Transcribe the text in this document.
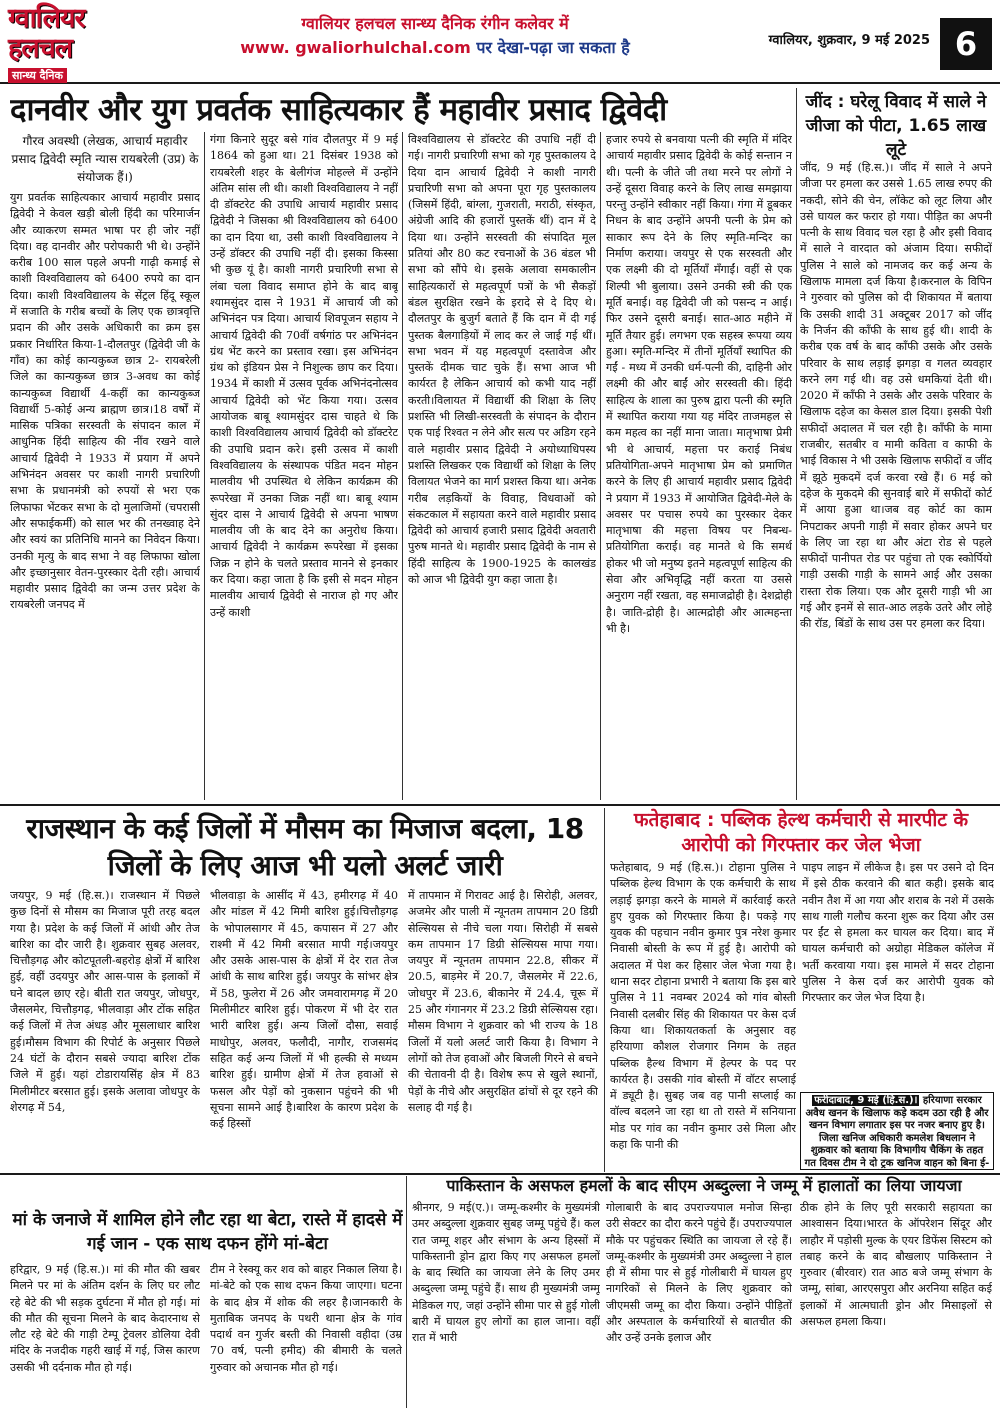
ग्वालियर
हलचल
सान्ध्य दैनिक
ग्वालियर हलचल सान्ध्य दैनिक रंगीन कलेवर में
www. gwaliorhulchal.com पर देखा-पढ़ा जा सकता है	ग्वालियर, शुक्रवार, 9 मई 2025 6
दानवीर और युग प्रवर्तक साहित्यकार हैं महावीर प्रसाद द्विवेदी
गौरव अवस्थी (लेखक, आचार्य महावीर प्रसाद द्विवेदी स्मृति न्यास रायबरेली (उप्र) के संयोजक हैं।)

युग प्रवर्तक साहित्यकार आचार्य महावीर प्रसाद द्विवेदी ने केवल खड़ी बोली हिंदी का परिमार्जन और व्याकरण सम्मत भाषा पर ही जोर नहीं दिया। वह दानवीर और परोपकारी भी थे। उन्होंने करीब 100 साल पहले अपनी गाढ़ी कमाई से काशी विश्वविद्यालय को 6400 रुपये का दान दिया। काशी विश्वविद्यालय के सेंट्रल हिंदू स्कूल में सजाति के गरीब बच्चों के लिए एक छात्रवृत्ति प्रदान की और उसके अधिकारी का क्रम इस प्रकार निर्धारित किया-1-दौलतपुर (द्विवेदी जी के गाँव) का कोई कान्यकुब्ज छात्र 2- रायबरेली जिले का कान्यकुब्ज छात्र 3-अवध का कोई कान्यकुब्ज विद्यार्थी 4-कहीं का कान्यकुब्ज विद्यार्थी 5-कोई अन्य ब्राह्मण छात्र।18 वर्षों में मासिक पत्रिका सरस्वती के संपादन काल में आधुनिक हिंदी साहित्य की नींव रखने वाले आचार्य द्विवेदी ने 1933 में प्रयाग में अपने अभिनंदन अवसर पर काशी नागरी प्रचारिणी सभा के प्रधानमंत्री को रुपयों से भरा एक लिफाफा भेंटकर सभा के दो मुलाजिमों (चपरासी और सफाईकर्मी) को साल भर की तनख्वाह देने और स्वयं का प्रतिनिधि मानने का निवेदन किया। उनकी मृत्यु के बाद सभा ने वह लिफाफा खोला और इच्छानुसार वेतन-पुरस्कार देती रही। आचार्य महावीर प्रसाद द्विवेदी का जन्म उत्तर प्रदेश के रायबरेली जनपद में

गंगा किनारे सुदूर बसे गांव दौलतपुर में 9 मई 1864 को हुआ था। 21 दिसंबर 1938 को रायबरेली शहर के बेलीगंज मोहल्ले में उन्होंने अंतिम सांस ली थी। काशी विश्वविद्यालय ने नहीं दी डॉक्टरेट की उपाधि आचार्य महावीर प्रसाद द्विवेदी ने जिसका श्री विश्वविद्यालय को 6400 का दान दिया था, उसी काशी विश्वविद्यालय ने उन्हें डॉक्टर की उपाधि नहीं दी। इसका किस्सा भी कुछ यूं है। काशी नागरी प्रचारिणी सभा से लंबा चला विवाद समाप्त होने के बाद बाबू श्यामसुंदर दास ने 1931 में आचार्य जी को अभिनंदन पत्र दिया। आचार्य शिवपूजन सहाय ने आचार्य द्विवेदी की 70वीं वर्षगांठ पर अभिनंदन ग्रंथ भेंट करने का प्रस्ताव रखा। इस अभिनंदन ग्रंथ को इंडियन प्रेस ने निशुल्क छाप कर दिया। 1934 में काशी में उत्सव पूर्वक अभिनंदनोत्सव आचार्य द्विवेदी को भेंट किया गया। उत्सव आयोजक बाबू श्यामसुंदर दास चाहते थे कि काशी विश्वविद्यालय आचार्य द्विवेदी को डॉक्टरेट की उपाधि प्रदान करे। इसी उत्सव में काशी विश्वविद्यालय के संस्थापक पंडित मदन मोहन मालवीय भी उपस्थित थे लेकिन कार्यक्रम की रूपरेखा में उनका जिक्र नहीं था। बाबू श्याम सुंदर दास ने आचार्य द्विवेदी से अपना भाषण मालवीय जी के बाद देने का अनुरोध किया। आचार्य द्विवेदी ने कार्यक्रम रूपरेखा में इसका जिक्र न होने के चलते प्रस्ताव मानने से इनकार कर दिया। कहा जाता है कि इसी से मदन मोहन मालवीय आचार्य द्विवेदी से नाराज हो गए और उन्हें काशी

विश्वविद्यालय से डॉक्टरेट की उपाधि नहीं दी गई। नागरी प्रचारिणी सभा को गृह पुस्तकालय दे दिया दान आचार्य द्विवेदी ने काशी नागरी प्रचारिणी सभा को अपना पूरा गृह पुस्तकालय (जिसमें हिंदी, बांग्ला, गुजराती, मराठी, संस्कृत, अंग्रेजी आदि की हजारों पुस्तकें थीं) दान में दे दिया था। उन्होंने सरस्वती की संपादित मूल प्रतियां और 80 कट रचनाओं के 36 बंडल भी सभा को सौंपे थे। इसके अलावा समकालीन साहित्यकारों से महत्वपूर्ण पत्रों के भी सैकड़ों बंडल सुरक्षित रखने के इरादे से दे दिए थे। दौलतपुर के बुजुर्ग बताते हैं कि दान में दी गई पुस्तक बैलगाड़ियों में लाद कर ले जाई गई थीं। सभा भवन में यह महत्वपूर्ण दस्तावेज और पुस्तकें दीमक चाट चुके हैं। सभा आज भी कार्यरत है लेकिन आचार्य को कभी याद नहीं करती।विलायत में विद्यार्थी की शिक्षा के लिए प्रशस्ति भी लिखी-सरस्वती के संपादन के दौरान एक पाई रिश्वत न लेने और सत्य पर अडिग रहने वाले महावीर प्रसाद द्विवेदी ने अयोध्याधिपस्य प्रशस्ति लिखकर एक विद्यार्थी को शिक्षा के लिए विलायत भेजने का मार्ग प्रशस्त किया था। अनेक गरीब लड़कियों के विवाह, विधवाओं को संकटकाल में सहायता करने वाले महावीर प्रसाद द्विवेदी को आचार्य हजारी प्रसाद द्विवेदी अवतारी पुरुष मानते थे। महावीर प्रसाद द्विवेदी के नाम से हिंदी साहित्य के 1900-1925 के कालखंड को आज भी द्विवेदी युग कहा जाता है।

हजार रुपये से बनवाया पत्नी की स्मृति में मंदिर आचार्य महावीर प्रसाद द्विवेदी के कोई सन्तान न थी। पत्नी के जीते जी तथा मरने पर लोगों ने उन्हें दूसरा विवाह करने के लिए लाख समझाया परन्तु उन्होंने स्वीकार नहीं किया। गंगा में डूबकर निधन के बाद उन्होंने अपनी पत्नी के प्रेम को साकार रूप देने के लिए स्मृति-मन्दिर का निर्माण कराया। जयपुर से एक सरस्वती और एक लक्ष्मी की दो मूर्तियाँ मँगाईं। वहीं से एक शिल्पी भी बुलाया। उसने उनकी स्त्री की एक मूर्ति बनाई। वह द्विवेदी जी को पसन्द न आई। फिर उसने दूसरी बनाई। सात-आठ महीने में मूर्ति तैयार हुई। लगभग एक सहस्त्र रूपया व्यय हुआ। स्मृति-मन्दिर में तीनों मूर्तियाँ स्थापित की गईं - मध्य में उनकी धर्म-पत्नी की, दाहिनी ओर लक्ष्मी की और बाईं ओर सरस्वती की। हिंदी साहित्य के शाला का पुरुष द्वारा पत्नी की स्मृति में स्थापित कराया गया यह मंदिर ताजमहल से कम महत्व का नहीं माना जाता। मातृभाषा प्रेमी भी थे आचार्य, महत्ता पर कराई निबंध प्रतियोगिता-अपने मातृभाषा प्रेम को प्रमाणित करने के लिए ही आचार्य महावीर प्रसाद द्विवेदी ने प्रयाग में 1933 में आयोजित द्विवेदी-मेले के अवसर पर पचास रुपये का पुरस्कार देकर मातृभाषा की महत्ता विषय पर निबन्ध-प्रतियोगिता कराई। वह मानते थे कि समर्थ होकर भी जो मनुष्य इतने महत्वपूर्ण साहित्य की सेवा और अभिवृद्धि नहीं करता या उससे अनुराग नहीं रखता, वह समाजद्रोही है। देशद्रोही है। जाति-द्रोही है। आत्मद्रोही और आत्महन्ता भी है।

जींद : घरेलू विवाद में साले ने जीजा को पीटा, 1.65 लाख लूटे

जींद, 9 मई (हि.स.)। जींद में साले ने अपने जीजा पर हमला कर उससे 1.65 लाख रुपए की नकदी, सोने की चेन, लॉकेट को लूट लिया और उसे घायल कर फरार हो गया। पीड़ित का अपनी पत्नी के साथ विवाद चल रहा है और इसी विवाद में साले ने वारदात को अंजाम दिया। सफीदों पुलिस ने साले को नामजद कर कई अन्य के खिलाफ मामला दर्ज किया है।करनाल के विपिन ने गुरुवार को पुलिस को दी शिकायत में बताया कि उसकी शादी 31 अक्टूबर 2017 को जींद के निर्जन की काँफी के साथ हुई थी। शादी के करीब एक वर्ष के बाद काँफी उसके और उसके परिवार के साथ लड़ाई झगड़ा व गलत व्यवहार करने लग गई थी। वह उसे धमकियां देती थी। 2020 में काँफी ने उसके और उसके परिवार के खिलाफ दहेज का केसल डाल दिया। इसकी पेशी सफीदों अदालत में चल रही है। काँफी के मामा राजबीर, सतबीर व मामी कविता व काफी के भाई विकास ने भी उसके खिलाफ सफीदों व जींद में झूठे मुकदमें दर्ज करवा रखे हैं। 6 मई को दहेज के मुकदमे की सुनवाई बारे में सफीदों कोर्ट में आया हुआ था।जब वह कोर्ट का काम निपटाकर अपनी गाड़ी में सवार होकर अपने घर के लिए जा रहा था और अंटा रोड से पहले सफीदों पानीपत रोड पर पहुंचा तो एक स्कोर्पियो गाड़ी उसकी गाड़ी के सामने आई और उसका रास्ता रोक लिया। एक और दूसरी गाड़ी भी आ गई और इनमें से सात-आठ लड़के उतरे और लोहे की रॉड, बिंडों के साथ उस पर हमला कर दिया।

राजस्थान के कई जिलों में मौसम का मिजाज बदला, 18 जिलों के लिए आज भी यलो अलर्ट जारी

जयपुर, 9 मई (हि.स.)। राजस्थान में पिछले कुछ दिनों से मौसम का मिजाज पूरी तरह बदल गया है। प्रदेश के कई जिलों में आंधी और तेज बारिश का दौर जारी है। शुक्रवार सुबह अलवर, चित्तौड़गढ़ और कोटपूतली-बहरोड़ क्षेत्रों में बारिश हुई, वहीं उदयपुर और आस-पास के इलाकों में घने बादल छाए रहे। बीती रात जयपुर, जोधपुर, जैसलमेर, चित्तौड़गढ़, भीलवाड़ा और टोंक सहित कई जिलों में तेज अंधड़ और मूसलाधार बारिश हुई।मौसम विभाग की रिपोर्ट के अनुसार पिछले 24 घंटों के दौरान सबसे ज्यादा बारिश टोंक जिले में हुई। यहां टोडारायसिंह क्षेत्र में 83 मिलीमीटर बरसात हुई। इसके अलावा जोधपुर के शेरगढ़ में 54,

भीलवाड़ा के आसींद में 43, हमीरगढ़ में 40 और मांडल में 42 मिमी बारिश हुई।चित्तौड़गढ़ के भोपालसागर में 45, कपासन में 27 और राश्मी में 42 मिमी बरसात मापी गई।जयपुर और उसके आस-पास के क्षेत्रों में देर रात तेज आंधी के साथ बारिश हुई। जयपुर के सांभर क्षेत्र में 58, फुलेरा में 26 और जमवारामगढ़ में 20 मिलीमीटर बारिश हुई। पोकरण में भी देर रात भारी बारिश हुई। अन्य जिलों दौसा, सवाई माधोपुर, अलवर, फलौदी, नागौर, राजसमंद सहित कई अन्य जिलों में भी हल्की से मध्यम बारिश हुई। ग्रामीण क्षेत्रों में तेज हवाओं से फसल और पेड़ों को नुकसान पहुंचने की भी सूचना सामने आई है।बारिश के कारण प्रदेश के कई हिस्सों

में तापमान में गिरावट आई है। सिरोही, अलवर, अजमेर और पाली में न्यूनतम तापमान 20 डिग्री सेल्सियस से नीचे चला गया। सिरोही में सबसे कम तापमान 17 डिग्री सेल्सियस मापा गया।जयपुर में न्यूनतम तापमान 22.8, सीकर में 20.5, बाड़मेर में 20.7, जैसलमेर में 22.6, जोधपुर में 23.6, बीकानेर में 24.4, चूरू में 25 और गंगानगर में 23.2 डिग्री सेल्सियस रहा।मौसम विभाग ने शुक्रवार को भी राज्य के 18 जिलों में यलो अलर्ट जारी किया है। विभाग ने लोगों को तेज हवाओं और बिजली गिरने से बचने की चेतावनी दी है। विशेष रूप से खुले स्थानों, पेड़ों के नीचे और असुरक्षित ढांचों से दूर रहने की सलाह दी गई है।

फतेहाबाद : पब्लिक हेल्थ कर्मचारी से मारपीट के आरोपी को गिरफ्तार कर जेल भेजा

फतेहाबाद, 9 मई (हि.स.)। टोहाना पुलिस ने पब्लिक हेल्थ विभाग के एक कर्मचारी के साथ लड़ाई झगड़ा करने के मामले में कार्रवाई करते हुए युवक को गिरफ्तार किया है। पकड़े गए युवक की पहचान नवीन कुमार पुत्र नरेश कुमार निवासी बोस्ती के रूप में हुई है। आरोपी को अदालत में पेश कर हिसार जेल भेजा गया है। थाना सदर टोहाना प्रभारी ने बताया कि इस बारे पुलिस ने 11 नवम्बर 2024 को गांव बोस्ती निवासी दलबीर सिंह की शिकायत पर केस दर्ज किया था। शिकायतकर्ता के अनुसार वह हरियाणा कौशल रोजगार निगम के तहत पब्लिक हैल्थ विभाग में हेल्पर के पद पर कार्यरत है। उसकी गांव बोस्ती में वॉटर सप्लाई में ड्यूटी है। सुबह जब वह पानी सप्लाई का वॉल्व बदलने जा रहा था तो रास्ते में सनियाना मोड पर गांव का नवीन कुमार उसे मिला और कहा कि पानी की

पाइप लाइन में लीकेज है। इस पर उसने दो दिन में इसे ठीक करवाने की बात कही। इसके बाद नवीन तैश में आ गया और शराब के नशे में उसके साथ गाली गलौच करना शुरू कर दिया और उस पर ईंट से हमला कर घायल कर दिया। बाद में घायल कर्मचारी को अग्रोहा मेडिकल कॉलेज में भर्ती करवाया गया। इस मामले में सदर टोहाना पुलिस ने केस दर्ज कर आरोपी युवक को गिरफ्तार कर जेल भेज दिया है।

फरीदाबाद, 9 मई (हि.स.)। हरियाणा सरकार अवैध खनन के खिलाफ कड़े कदम उठा रही है और खनन विभाग लगातार इस पर नजर बनाए हुए है। जिला खनिज अधिकारी कमलेश बिधलान ने शुक्रवार को बताया कि विभागीय चैकिंग के तहत गत दिवस टीम ने दो ट्रक खनिज वाहन को बिना ई-
मां के जनाजे में शामिल होने लौट रहा था बेटा, रास्ते में हादसे में गई जान - एक साथ दफन होंगे मां-बेटा

हरिद्वार, 9 मई (हि.स.)। मां की मौत की खबर मिलने पर मां के अंतिम दर्शन के लिए घर लौट रहे बेटे की भी सड़क दुर्घटना में मौत हो गई। मां की मौत की सूचना मिलने के बाद केदारनाथ से लौट रहे बेटे की गाड़ी टेम्पू ट्रेवलर डोलिया देवी मंदिर के नजदीक गहरी खाई में गई, जिस कारण उसकी भी दर्दनाक मौत हो गई।

टीम ने रेस्क्यू कर शव को बाहर निकाल लिया है। मां-बेटे को एक साथ दफन किया जाएगा। घटना के बाद क्षेत्र में शोक की लहर है।जानकारी के मुताबिक जनपद के पथरी थाना क्षेत्र के गांव पदार्थ वन गुर्जर बस्ती की निवासी वहीदा (उम्र 70 वर्ष, पत्नी हमीद) की बीमारी के चलते गुरुवार को अचानक मौत हो गई।

पाकिस्तान के असफल हमलों के बाद सीएम अब्दुल्ला ने जम्मू में हालातों का लिया जायजा

श्रीनगर, 9 मई(ए.)। जम्मू-कश्मीर के मुख्यमंत्री उमर अब्दुल्ला शुक्रवार सुबह जम्मू पहुंचे हैं। कल रात जम्मू शहर और संभाग के अन्य हिस्सों में पाकिस्तानी ड्रोन द्वारा किए गए असफल हमलों के बाद स्थिति का जायजा लेने के लिए उमर अब्दुल्ला जम्मू पहुंचे हैं। साथ ही मुख्यमंत्री जम्मू मेडिकल गए, जहां उन्होंने सीमा पार से हुई गोली बारी में घायल हुए लोगों का हाल जाना। वहीं रात में भारी

गोलाबारी के बाद उपराज्यपाल मनोज सिन्हा उरी सेक्टर का दौरा करने पहुंचे हैं। उपराज्यपाल मौके पर पहुंचकर स्थिति का जायजा ले रहे हैं। जम्मू-कश्मीर के मुख्यमंत्री उमर अब्दुल्ला ने हाल ही में सीमा पार से हुई गोलीबारी में घायल हुए नागरिकों से मिलने के लिए शुक्रवार को जीएमसी जम्मू का दौरा किया। उन्होंने पीड़ितों और अस्पताल के कर्मचारियों से बातचीत की और उन्हें उनके इलाज और

ठीक होने के लिए पूरी सरकारी सहायता का आश्वासन दिया।भारत के ऑपरेशन सिंदूर और लाहौर में पड़ोसी मुल्क के एयर डिफेंस सिस्टम को तबाह करने के बाद बौखलाए पाकिस्तान ने गुरुवार (बीरवार) रात आठ बजे जम्मू संभाग के जम्मू, सांबा, आरएसपुरा और अरनिया सहित कई इलाकों में आत्मघाती ड्रोन और मिसाइलों से असफल हमला किया।
